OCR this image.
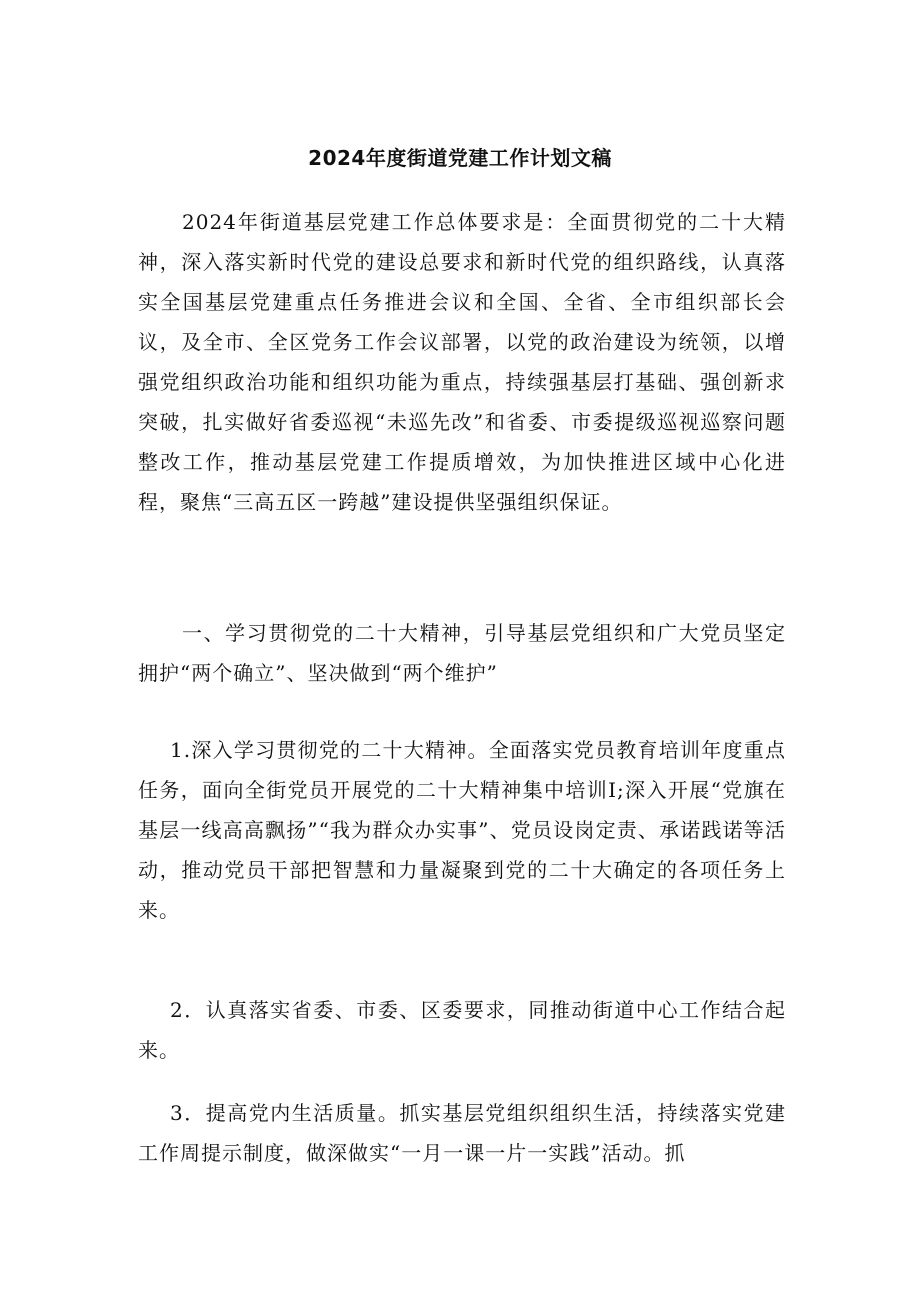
2024年度街道党建工作计划文稿

2024年街道基层党建工作总体要求是：全面贯彻党的二十大精神，深入落实新时代党的建设总要求和新时代党的组织路线，认真落实全国基层党建重点任务推进会议和全国、全省、全市组织部长会议，及全市、全区党务工作会议部署，以党的政治建设为统领，以增强党组织政治功能和组织功能为重点，持续强基层打基础、强创新求突破，扎实做好省委巡视“未巡先改”和省委、市委提级巡视巡察问题整改工作，推动基层党建工作提质增效，为加快推进区域中心化进程，聚焦“三高五区一跨越”建设提供坚强组织保证。

一、学习贯彻党的二十大精神，引导基层党组织和广大党员坚定拥护“两个确立”、坚决做到“两个维护”

1.深入学习贯彻党的二十大精神。全面落实党员教育培训年度重点任务，面向全街党员开展党的二十大精神集中培训I;深入开展“党旗在基层一线高高飘扬”“我为群众办实事”、党员设岗定责、承诺践诺等活动，推动党员干部把智慧和力量凝聚到党的二十大确定的各项任务上来。

2．认真落实省委、市委、区委要求，同推动街道中心工作结合起来。

3．提高党内生活质量。抓实基层党组织组织生活，持续落实党建工作周提示制度，做深做实“一月一课一片一实践”活动。抓
